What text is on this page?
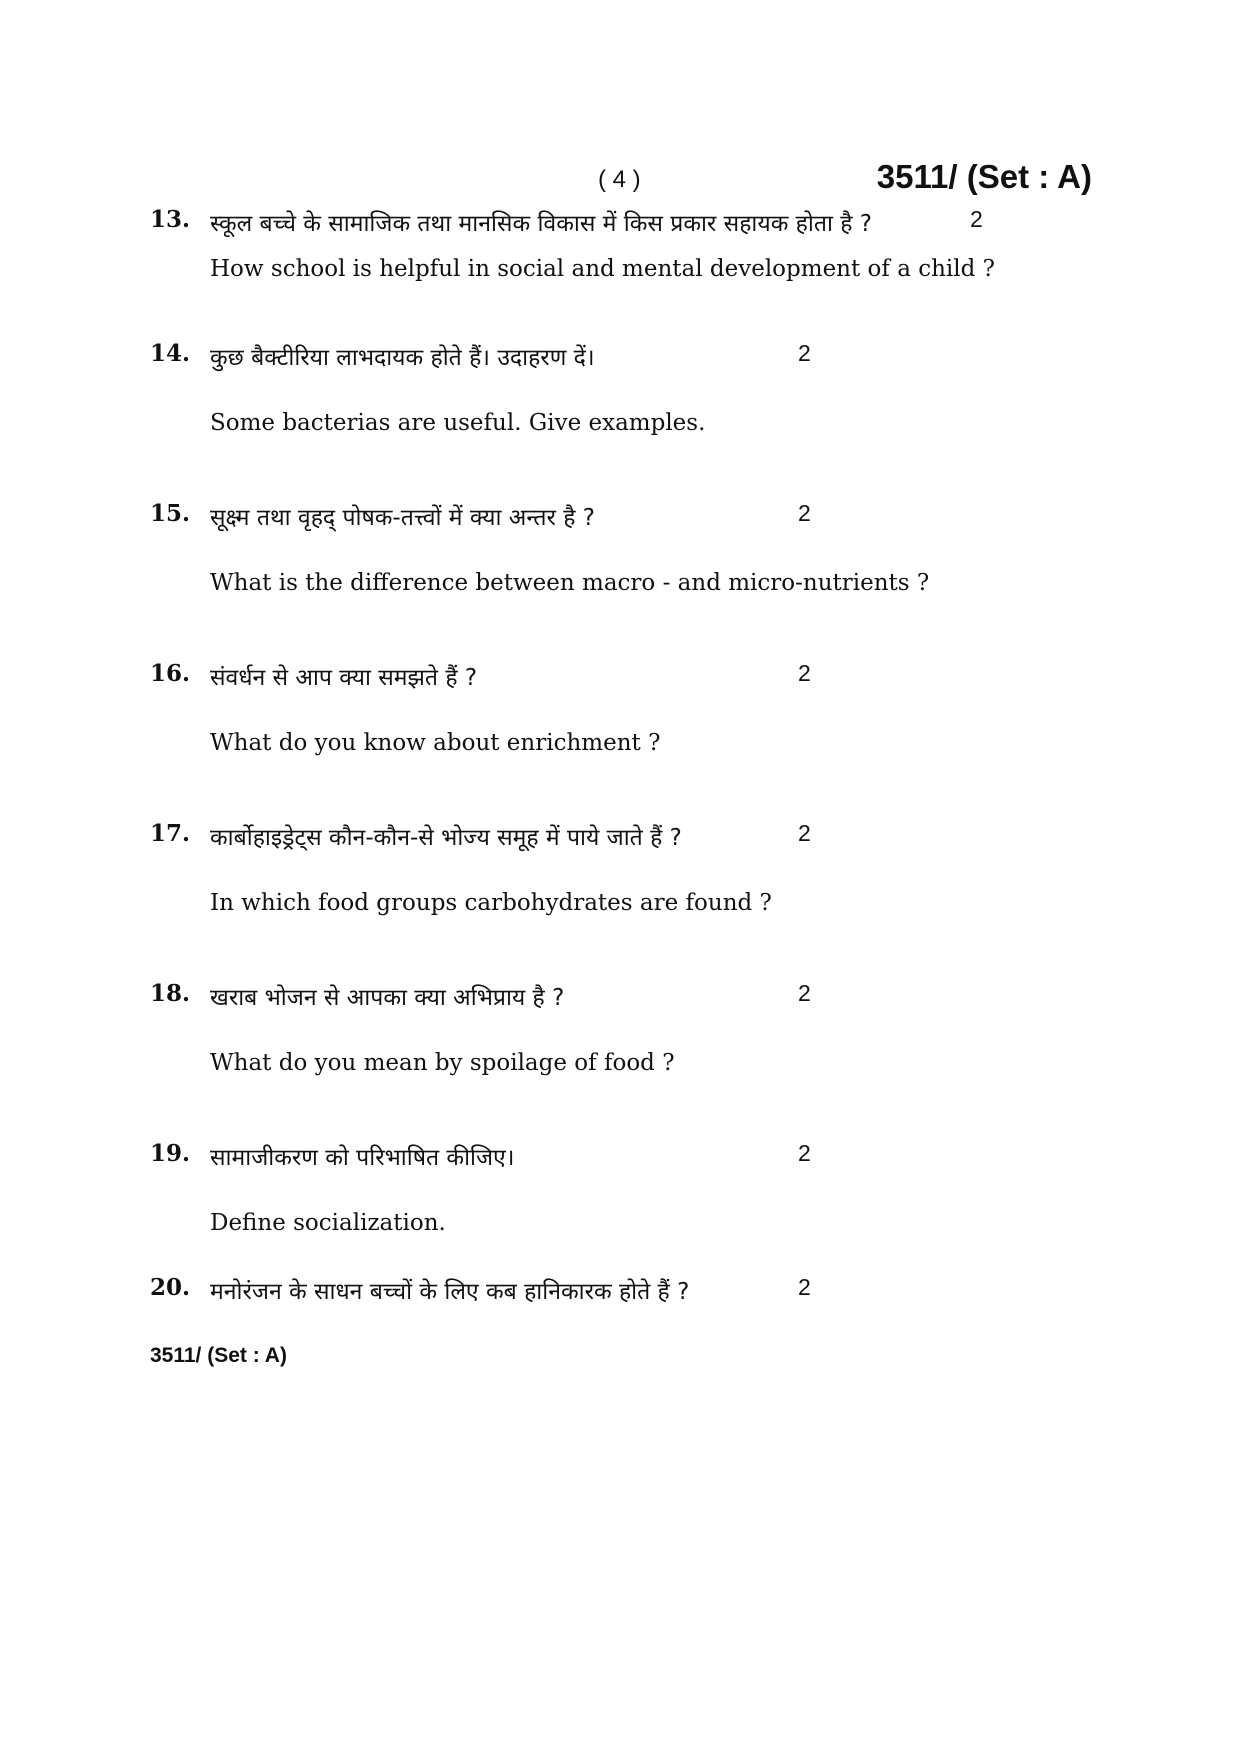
( 4 )	3511/ (Set : A)
13. स्कूल बच्चे के सामाजिक तथा मानसिक विकास में किस प्रकार सहायक होता है ?	2
How school is helpful in social and mental development of a child ?
14. कुछ बैक्टीरिया लाभदायक होते हैं। उदाहरण दें।	2
Some bacterias are useful. Give examples.
15. सूक्ष्म तथा वृहद् पोषक-तत्त्वों में क्या अन्तर है ?	2
What is the difference between macro - and micro-nutrients ?
16. संवर्धन से आप क्या समझते हैं ?	2
What do you know about enrichment ?
17. कार्बोहाइड्रेट्स कौन-कौन-से भोज्य समूह में पाये जाते हैं ?	2
In which food groups carbohydrates are found ?
18. खराब भोजन से आपका क्या अभिप्राय है ?	2
What do you mean by spoilage of food ?
19. सामाजीकरण को परिभाषित कीजिए।	2
Define socialization.
20. मनोरंजन के साधन बच्चों के लिए कब हानिकारक होते हैं ?	2
3511/ (Set : A)
